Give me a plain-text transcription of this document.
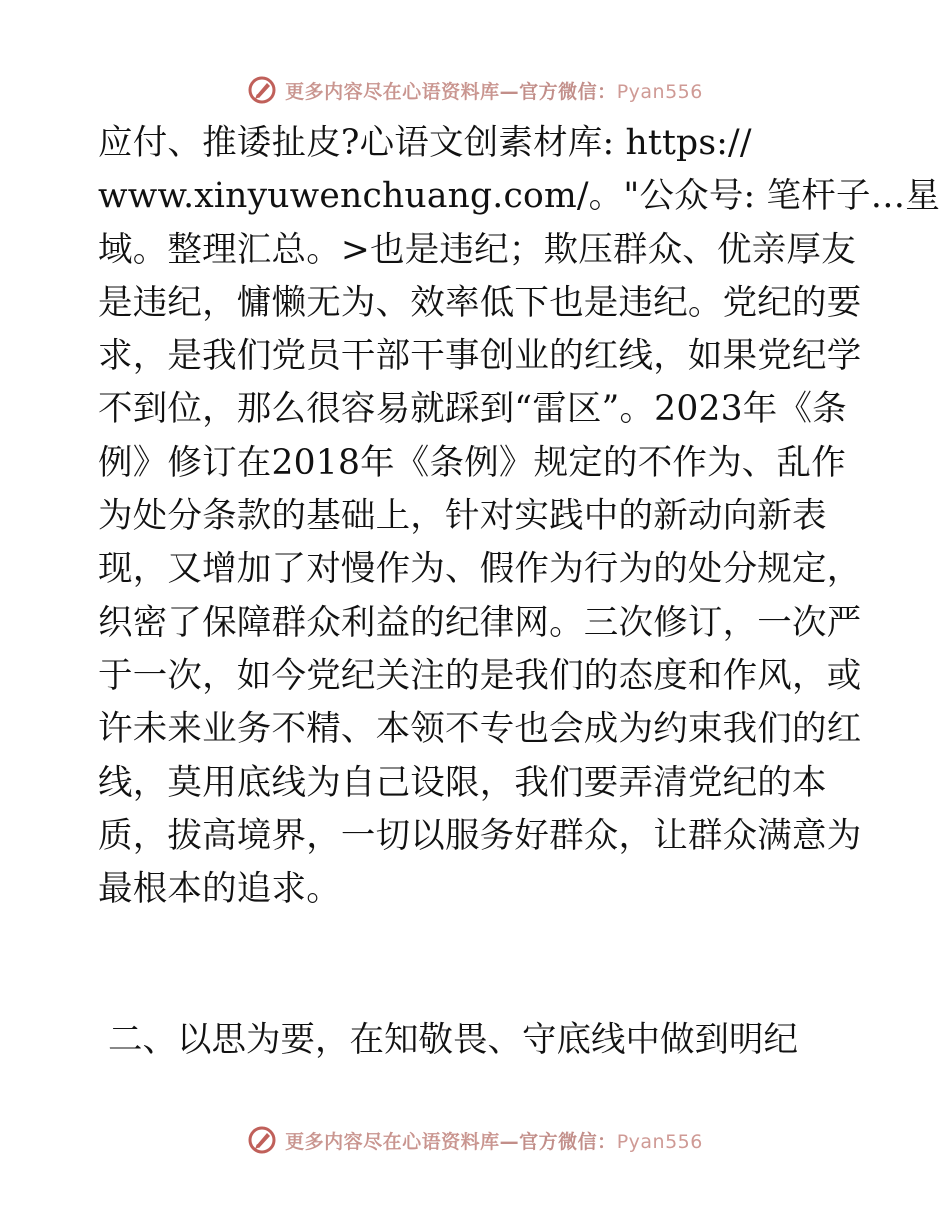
更多内容尽在心语资料库—官方微信：Pyan556
应付、推诿扯皮?心语文创素材库: https://
www.xinyuwenchuang.com/。"公众号: 笔杆子…星
域。整理汇总。>也是违纪；欺压群众、优亲厚友
是违纪，慵懒无为、效率低下也是违纪。党纪的要
求，是我们党员干部干事创业的红线，如果党纪学
不到位，那么很容易就踩到“雷区”。2023年《条
例》修订在2018年《条例》规定的不作为、乱作
为处分条款的基础上，针对实践中的新动向新表
现，又增加了对慢作为、假作为行为的处分规定，
织密了保障群众利益的纪律网。三次修订，一次严
于一次，如今党纪关注的是我们的态度和作风，或
许未来业务不精、本领不专也会成为约束我们的红
线，莫用底线为自己设限，我们要弄清党纪的本
质，拔高境界，一切以服务好群众，让群众满意为
最根本的追求。
二、以思为要，在知敬畏、守底线中做到明纪
更多内容尽在心语资料库—官方微信：Pyan556
